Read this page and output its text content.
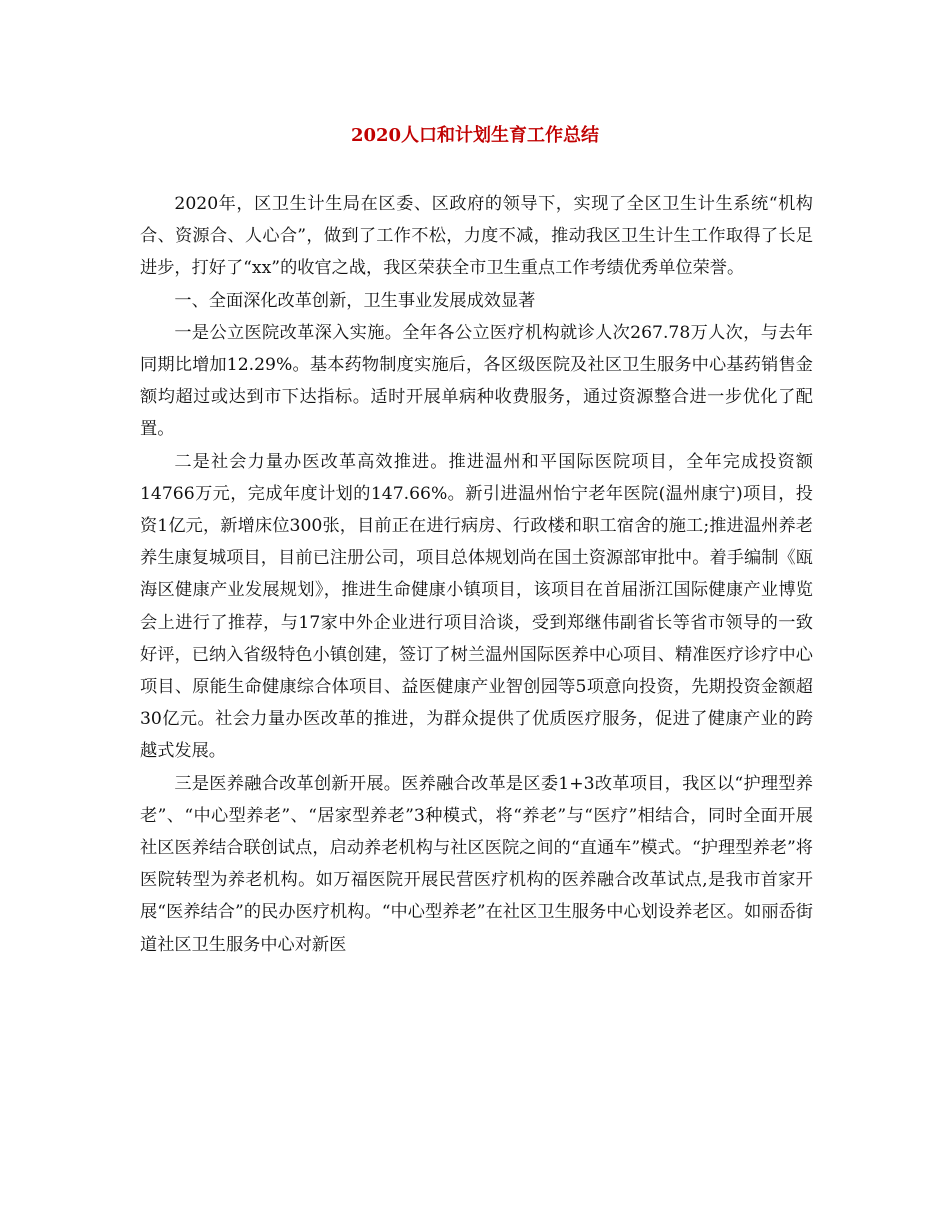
2020人口和计划生育工作总结

2020年，区卫生计生局在区委、区政府的领导下，实现了全区卫生计生系统“机构合、资源合、人心合”，做到了工作不松，力度不减，推动我区卫生计生工作取得了长足进步，打好了“xx”的收官之战，我区荣获全市卫生重点工作考绩优秀单位荣誉。

一、全面深化改革创新，卫生事业发展成效显著

一是公立医院改革深入实施。全年各公立医疗机构就诊人次267.78万人次，与去年同期比增加12.29%。基本药物制度实施后，各区级医院及社区卫生服务中心基药销售金额均超过或达到市下达指标。适时开展单病种收费服务，通过资源整合进一步优化了配置。

二是社会力量办医改革高效推进。推进温州和平国际医院项目，全年完成投资额14766万元，完成年度计划的147.66%。新引进温州怡宁老年医院(温州康宁)项目，投资1亿元，新增床位300张，目前正在进行病房、行政楼和职工宿舍的施工;推进温州养老养生康复城项目，目前已注册公司，项目总体规划尚在国土资源部审批中。着手编制《瓯海区健康产业发展规划》，推进生命健康小镇项目，该项目在首届浙江国际健康产业博览会上进行了推荐，与17家中外企业进行项目洽谈，受到郑继伟副省长等省市领导的一致好评，已纳入省级特色小镇创建，签订了树兰温州国际医养中心项目、精准医疗诊疗中心项目、原能生命健康综合体项目、益医健康产业智创园等5项意向投资，先期投资金额超30亿元。社会力量办医改革的推进，为群众提供了优质医疗服务，促进了健康产业的跨越式发展。

三是医养融合改革创新开展。医养融合改革是区委1+3改革项目，我区以“护理型养老”、“中心型养老”、“居家型养老”3种模式，将“养老”与“医疗”相结合，同时全面开展社区医养结合联创试点，启动养老机构与社区医院之间的“直通车”模式。“护理型养老”将医院转型为养老机构。如万福医院开展民营医疗机构的医养融合改革试点,是我市首家开展“医养结合”的民办医疗机构。“中心型养老”在社区卫生服务中心划设养老区。如丽岙街道社区卫生服务中心对新医
